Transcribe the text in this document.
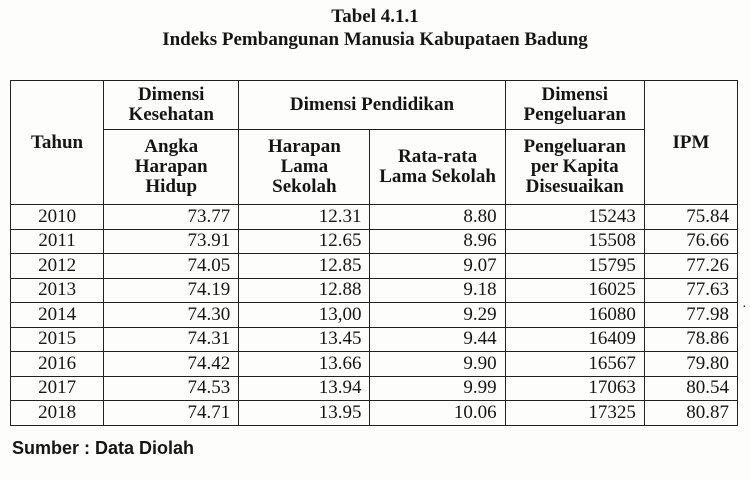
Tabel 4.1.1
Indeks Pembangunan Manusia Kabupataen Badung
Tahun	Dimensi Kesehatan	Dimensi Pendidikan		Dimensi Pengeluaran	IPM
	Angka Harapan Hidup	Harapan Lama Sekolah	Rata-rata Lama Sekolah	Pengeluaran per Kapita Disesuaikan	
2010	73.77	12.31	8.80	15243	75.84
2011	73.91	12.65	8.96	15508	76.66
2012	74.05	12.85	9.07	15795	77.26
2013	74.19	12.88	9.18	16025	77.63
2014	74.30	13,00	9.29	16080	77.98
2015	74.31	13.45	9.44	16409	78.86
2016	74.42	13.66	9.90	16567	79.80
2017	74.53	13.94	9.99	17063	80.54
2018	74.71	13.95	10.06	17325	80.87
·
Sumber : Data Diolah
